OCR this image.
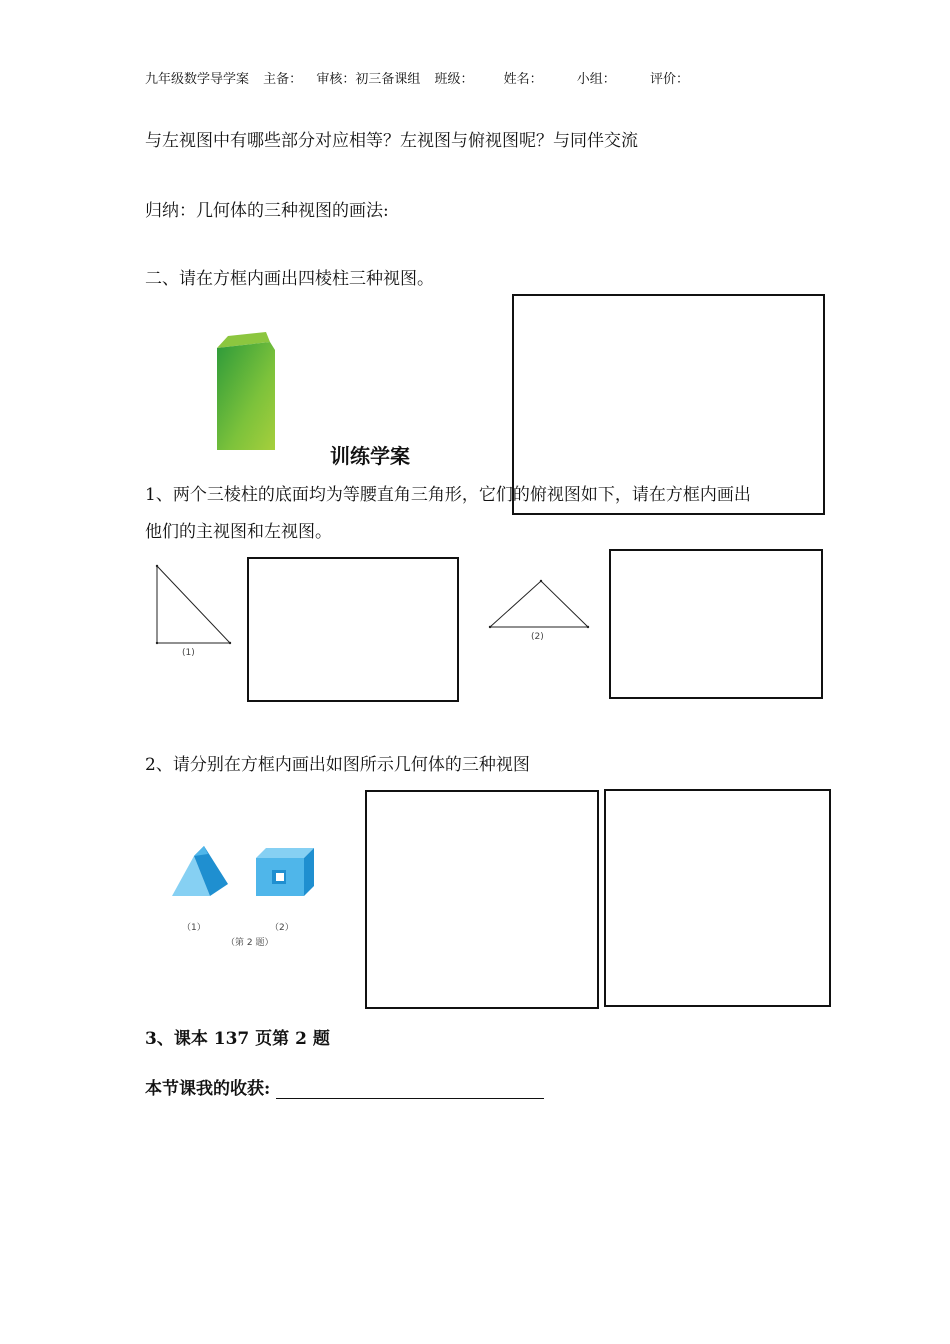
九年级数学导学案 主备： 审核：初三备课组 班级： 姓名：	小组：	评价：
与左视图中有哪些部分对应相等？左视图与俯视图呢？与同伴交流
归纳：几何体的三种视图的画法:
二、请在方框内画出四棱柱三种视图。
训练学案
1、两个三棱柱的底面均为等腰直角三角形，它们的俯视图如下，请在方框内画出
他们的主视图和左视图。
(1)
(2)
2、请分别在方框内画出如图所示几何体的三种视图
（1）	（2）
（第 2 题）
3、课本 137 页第 2 题
本节课我的收获:
